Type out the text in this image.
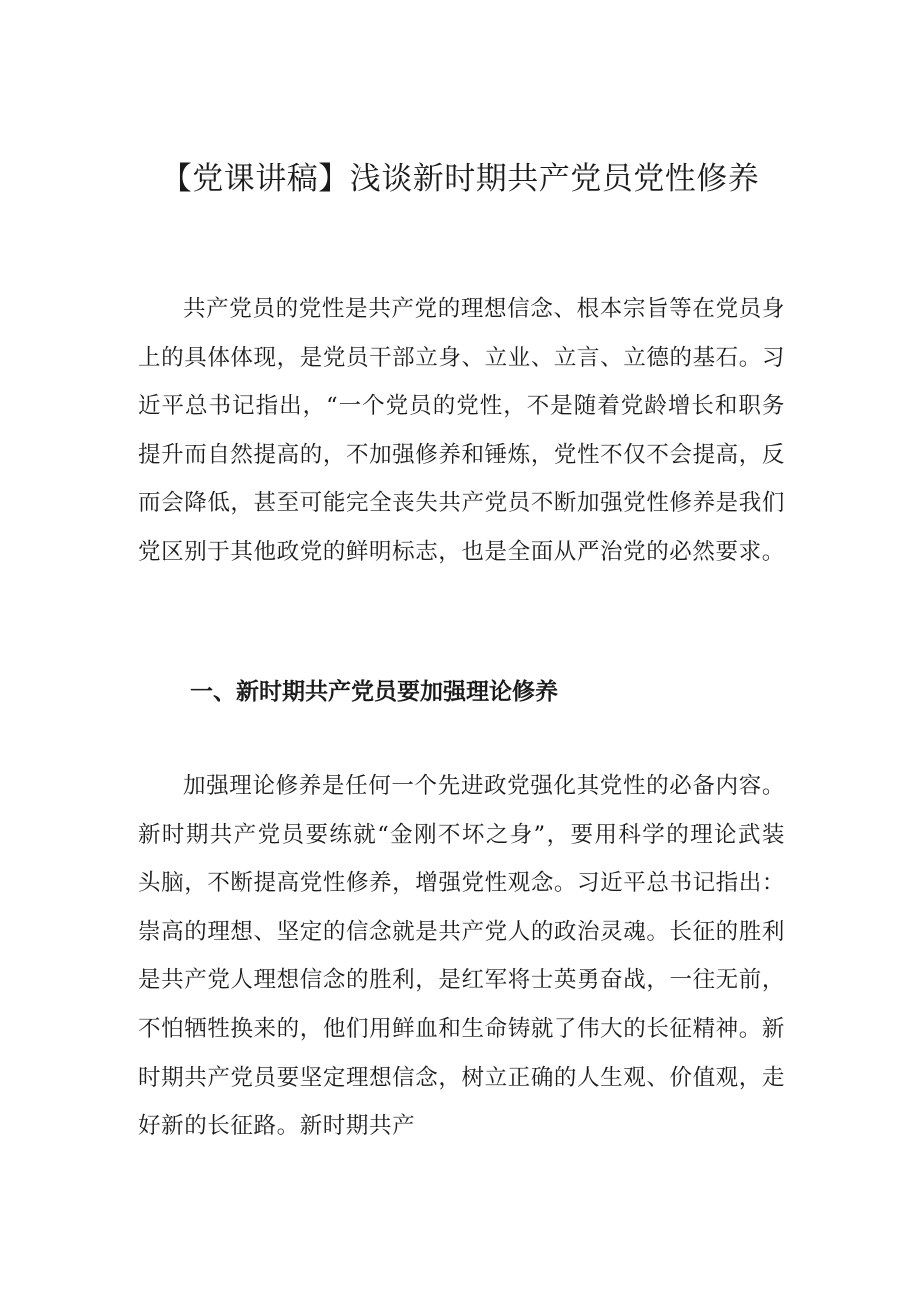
【党课讲稿】浅谈新时期共产党员党性修养

共产党员的党性是共产党的理想信念、根本宗旨等在党员身上的具体体现，是党员干部立身、立业、立言、立德的基石。习近平总书记指出，“一个党员的党性，不是随着党龄增长和职务提升而自然提高的，不加强修养和锤炼，党性不仅不会提高，反而会降低，甚至可能完全丧失共产党员不断加强党性修养是我们党区别于其他政党的鲜明标志，也是全面从严治党的必然要求。

一、新时期共产党员要加强理论修养

加强理论修养是任何一个先进政党强化其党性的必备内容。新时期共产党员要练就“金刚不坏之身”，要用科学的理论武装头脑，不断提高党性修养，增强党性观念。习近平总书记指出：崇高的理想、坚定的信念就是共产党人的政治灵魂。长征的胜利是共产党人理想信念的胜利，是红军将士英勇奋战，一往无前，不怕牺牲换来的，他们用鲜血和生命铸就了伟大的长征精神。新时期共产党员要坚定理想信念，树立正确的人生观、价值观，走好新的长征路。新时期共产
